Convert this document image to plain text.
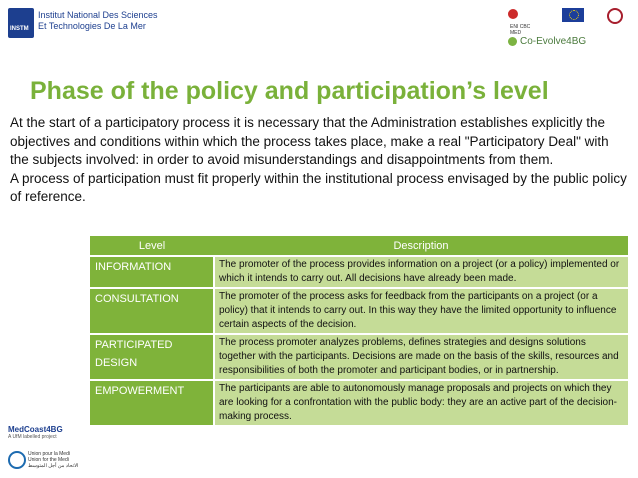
INSTM
Institut National Des Sciences Et Technologies De La Mer	ENI CBC MED
Co-Evolve4BG
Phase of the policy and participation’s level

At the start of a participatory process it is necessary that the Administration establishes explicitly the objectives and conditions within which the process takes place, make a real "Participatory Deal" with the subjects involved: in order to avoid misunderstandings and disappointments from them.

A process of participation must fit properly within the institutional process envisaged by the public policy of reference.

Level	Description
INFORMATION	The promoter of the process provides information on a project (or a policy) implemented or which it intends to carry out. All decisions have already been made.
CONSULTATION	The promoter of the process asks for feedback from the participants on a project (or a policy) that it intends to carry out. In this way they have the limited opportunity to influence certain aspects of the decision.
PARTICIPATED DESIGN	The process promoter analyzes problems, defines strategies and designs solutions together with the participants. Decisions are made on the basis of the skills, resources and responsibilities of both the promoter and participant bodies, or in partnership.
EMPOWERMENT	The participants are able to autonomously manage proposals and projects on which they are looking for a confrontation with the public body: they are an active part of the decision-making process.
MedCoast4BG
A UfM labelled project
Union pour la Medi
Union for the Medi
الاتحاد من أجل المتوسط
